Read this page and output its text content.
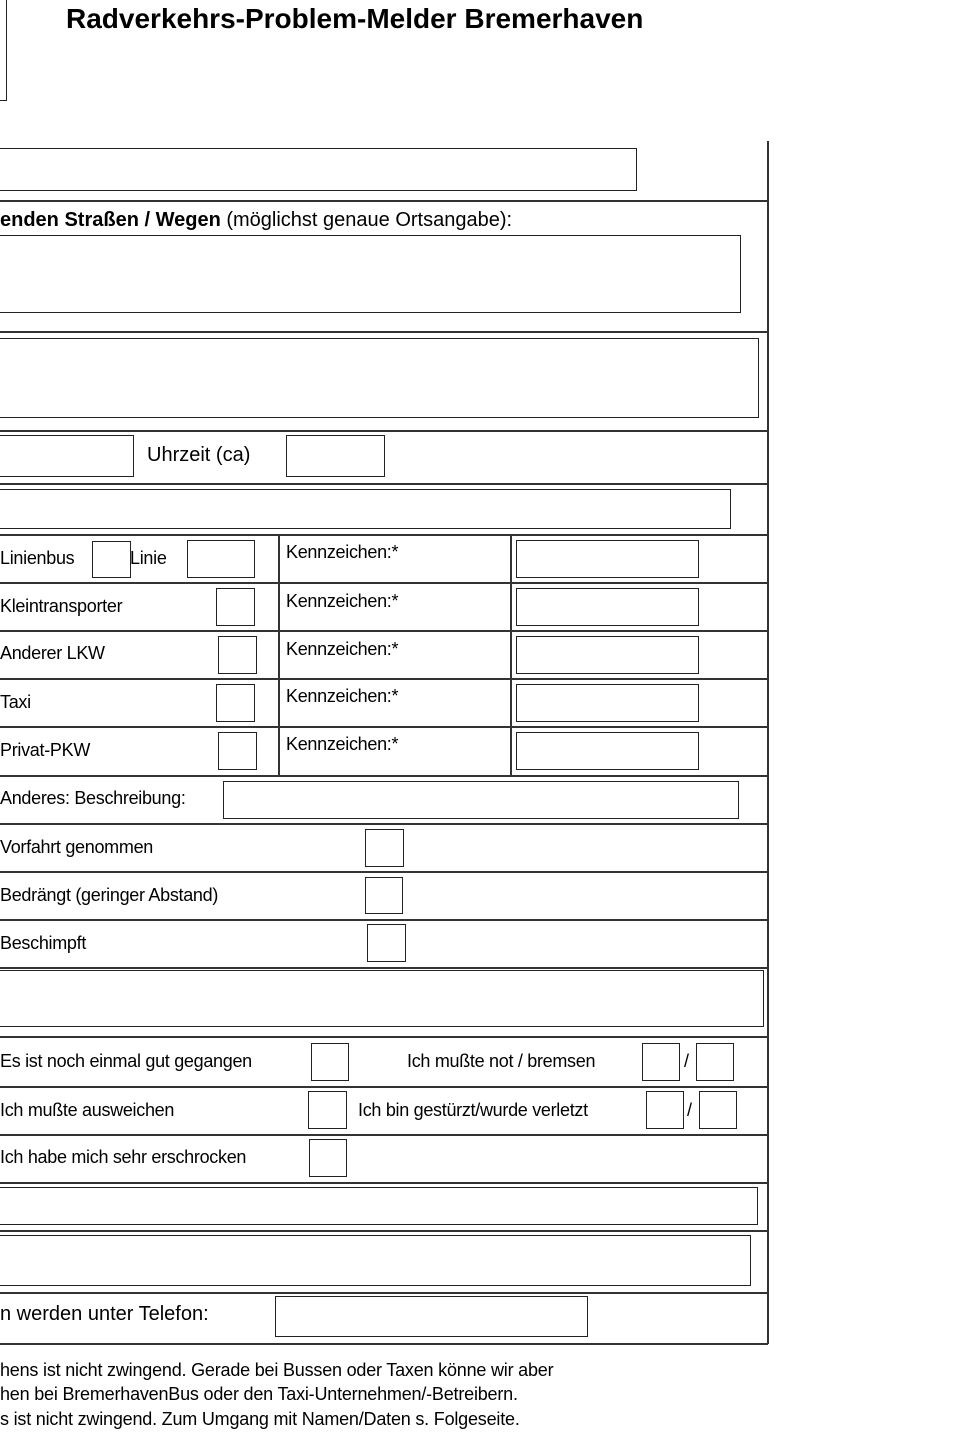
Radverkehrs-Problem-Melder Bremerhaven
enden Straßen / Wegen (möglichst genaue Ortsangabe):
Uhrzeit (ca)
Linienbus	Linie	Kennzeichen:*
Kleintransporter	Kennzeichen:*
Anderer LKW	Kennzeichen:*
Taxi	Kennzeichen:*
Privat-PKW	Kennzeichen:*
Anderes: Beschreibung:
Vorfahrt genommen
Bedrängt (geringer Abstand)
Beschimpft
Es ist noch einmal gut gegangen	Ich mußte not / bremsen	/
Ich mußte ausweichen	Ich bin gestürzt/wurde verletzt	/
Ich habe mich sehr erschrocken
n werden unter Telefon:
hens ist nicht zwingend. Gerade bei Bussen oder Taxen könne wir aber
hen bei BremerhavenBus oder den Taxi-Unternehmen/-Betreibern.
s ist nicht zwingend. Zum Umgang mit Namen/Daten s. Folgeseite.
